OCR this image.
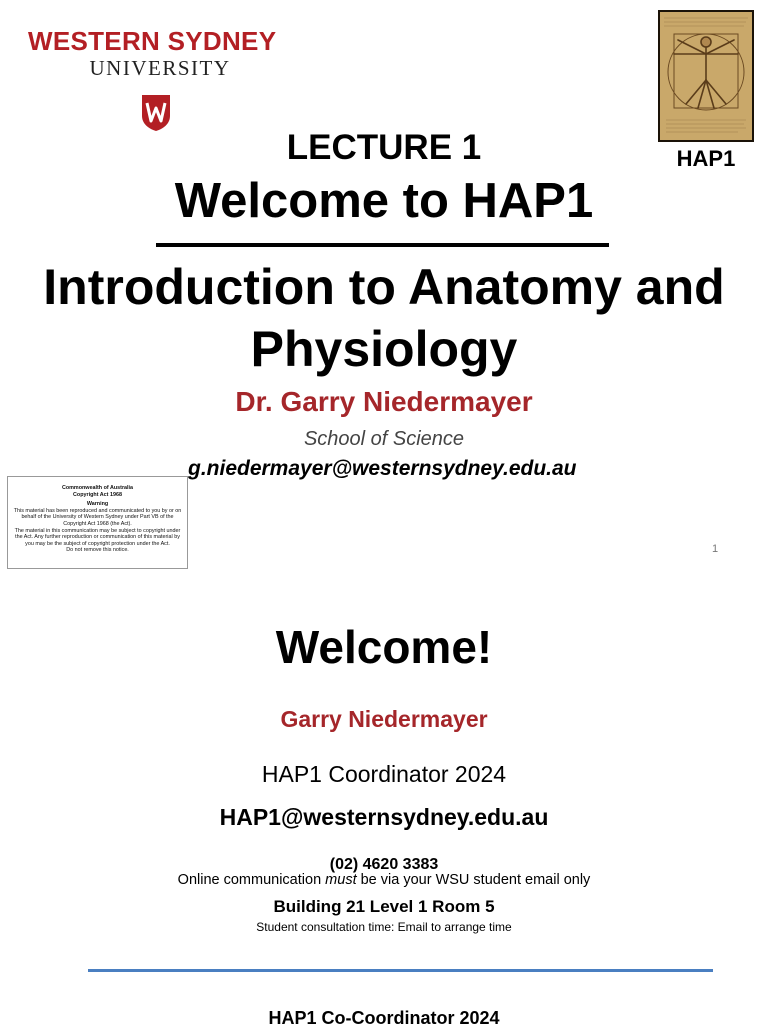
WESTERN SYDNEY
UNIVERSITY
HAP1
LECTURE 1
Welcome to HAP1
Introduction to Anatomy and
Physiology
Dr. Garry Niedermayer
School of Science
g.niedermayer@westernsydney.edu.au
Commonwealth of Australia
Copyright Act 1968
Warning
This material has been reproduced and communicated to you by or on behalf of the University of Western Sydney under Part VB of the Copyright Act 1968 (the Act).
The material in this communication may be subject to copyright under the Act. Any further reproduction or communication of this material by you may be the subject of copyright protection under the Act.
Do not remove this notice.	1
Welcome!
Garry Niedermayer
HAP1 Coordinator 2024
HAP1@westernsydney.edu.au
(02) 4620 3383
Online communication must be via your WSU student email only
Building 21 Level 1 Room 5
Student consultation time: Email to arrange time
HAP1 Co-Coordinator 2024
